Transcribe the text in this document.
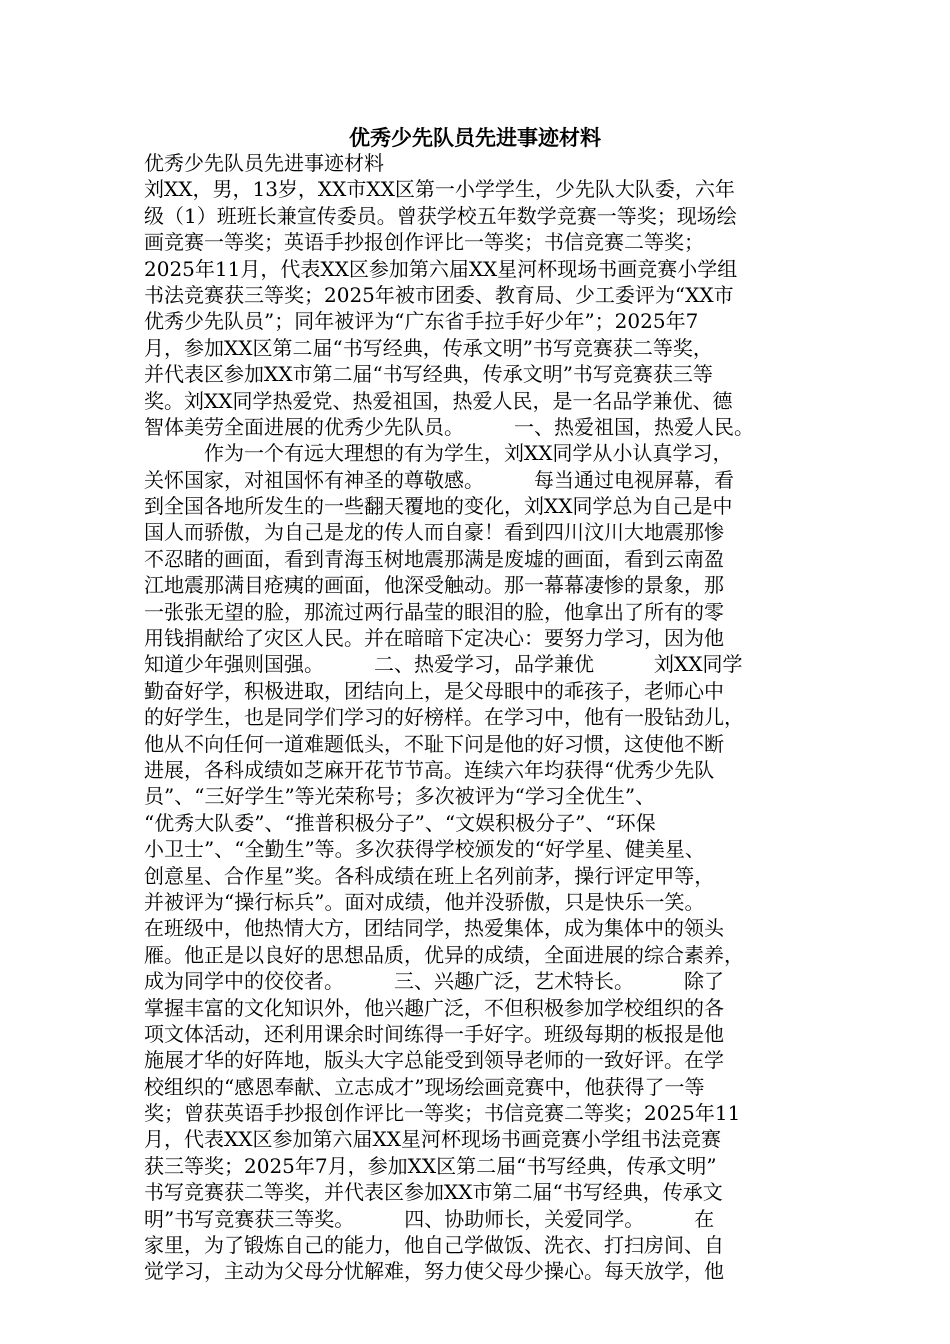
优秀少先队员先进事迹材料
优秀少先队员先进事迹材料
刘XX，男，13岁，XX市XX区第一小学学生，少先队大队委，六年
级（1）班班长兼宣传委员。曾获学校五年数学竞赛一等奖；现场绘
画竞赛一等奖；英语手抄报创作评比一等奖；书信竞赛二等奖；
2025年11月，代表XX区参加第六届XX星河杯现场书画竞赛小学组
书法竞赛获三等奖；2025年被市团委、教育局、少工委评为“XX市
优秀少先队员”；同年被评为“广东省手拉手好少年”；2025年7
月，参加XX区第二届“书写经典，传承文明”书写竞赛获二等奖，
并代表区参加XX市第二届“书写经典，传承文明”书写竞赛获三等
奖。刘XX同学热爱党、热爱祖国，热爱人民，是一名品学兼优、德
智体美劳全面进展的优秀少先队员。　　　一、热爱祖国，热爱人民。
　　　作为一个有远大理想的有为学生，刘XX同学从小认真学习，
关怀国家，对祖国怀有神圣的尊敬感。　　　每当通过电视屏幕，看
到全国各地所发生的一些翻天覆地的变化，刘XX同学总为自己是中
国人而骄傲，为自己是龙的传人而自豪！看到四川汶川大地震那惨
不忍睹的画面，看到青海玉树地震那满是废墟的画面，看到云南盈
江地震那满目疮痍的画面，他深受触动。那一幕幕凄惨的景象，那
一张张无望的脸，那流过两行晶莹的眼泪的脸，他拿出了所有的零
用钱捐献给了灾区人民。并在暗暗下定决心：要努力学习，因为他
知道少年强则国强。　　　二、热爱学习，品学兼优　　　刘XX同学
勤奋好学，积极进取，团结向上，是父母眼中的乖孩子，老师心中
的好学生，也是同学们学习的好榜样。在学习中，他有一股钻劲儿，
他从不向任何一道难题低头，不耻下问是他的好习惯，这使他不断
进展，各科成绩如芝麻开花节节高。连续六年均获得“优秀少先队
员”、“三好学生”等光荣称号；多次被评为“学习全优生”、
“优秀大队委”、“推普积极分子”、“文娱积极分子”、“环保
小卫士”、“全勤生”等。多次获得学校颁发的“好学星、健美星、
创意星、合作星”奖。各科成绩在班上名列前茅，操行评定甲等，
并被评为“操行标兵”。面对成绩，他并没骄傲，只是快乐一笑。
在班级中，他热情大方，团结同学，热爱集体，成为集体中的领头
雁。他正是以良好的思想品质，优异的成绩，全面进展的综合素养，
成为同学中的佼佼者。　　　三、兴趣广泛，艺术特长。　　　除了
掌握丰富的文化知识外，他兴趣广泛，不但积极参加学校组织的各
项文体活动，还利用课余时间练得一手好字。班级每期的板报是他
施展才华的好阵地，版头大字总能受到领导老师的一致好评。在学
校组织的“感恩奉献、立志成才”现场绘画竞赛中，他获得了一等
奖；曾获英语手抄报创作评比一等奖；书信竞赛二等奖；2025年11
月，代表XX区参加第六届XX星河杯现场书画竞赛小学组书法竞赛
获三等奖；2025年7月，参加XX区第二届“书写经典，传承文明”
书写竞赛获二等奖，并代表区参加XX市第二届“书写经典，传承文
明”书写竞赛获三等奖。　　　四、协助师长，关爱同学。　　　在
家里，为了锻炼自己的能力，他自己学做饭、洗衣、打扫房间、自
觉学习，主动为父母分忧解难，努力使父母少操心。每天放学，他
